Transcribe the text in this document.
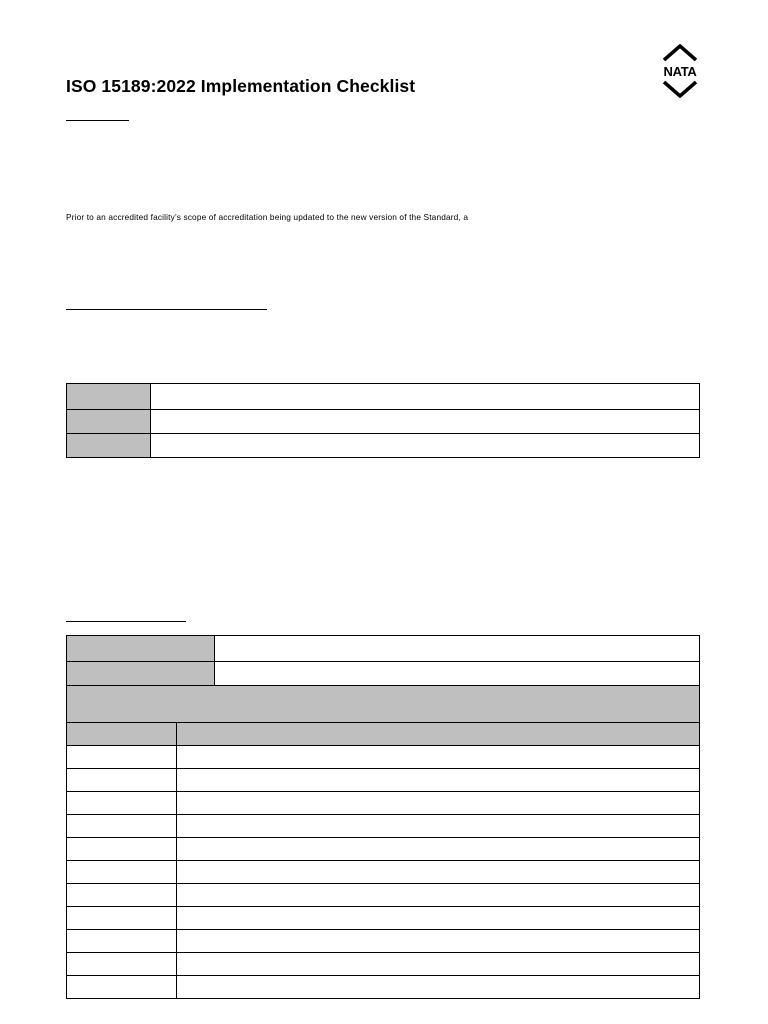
ISO 15189:2022 Implementation Checklist
NATA
Prior to an accredited facility’s scope of accreditation being updated to the new version of the Standard, a
